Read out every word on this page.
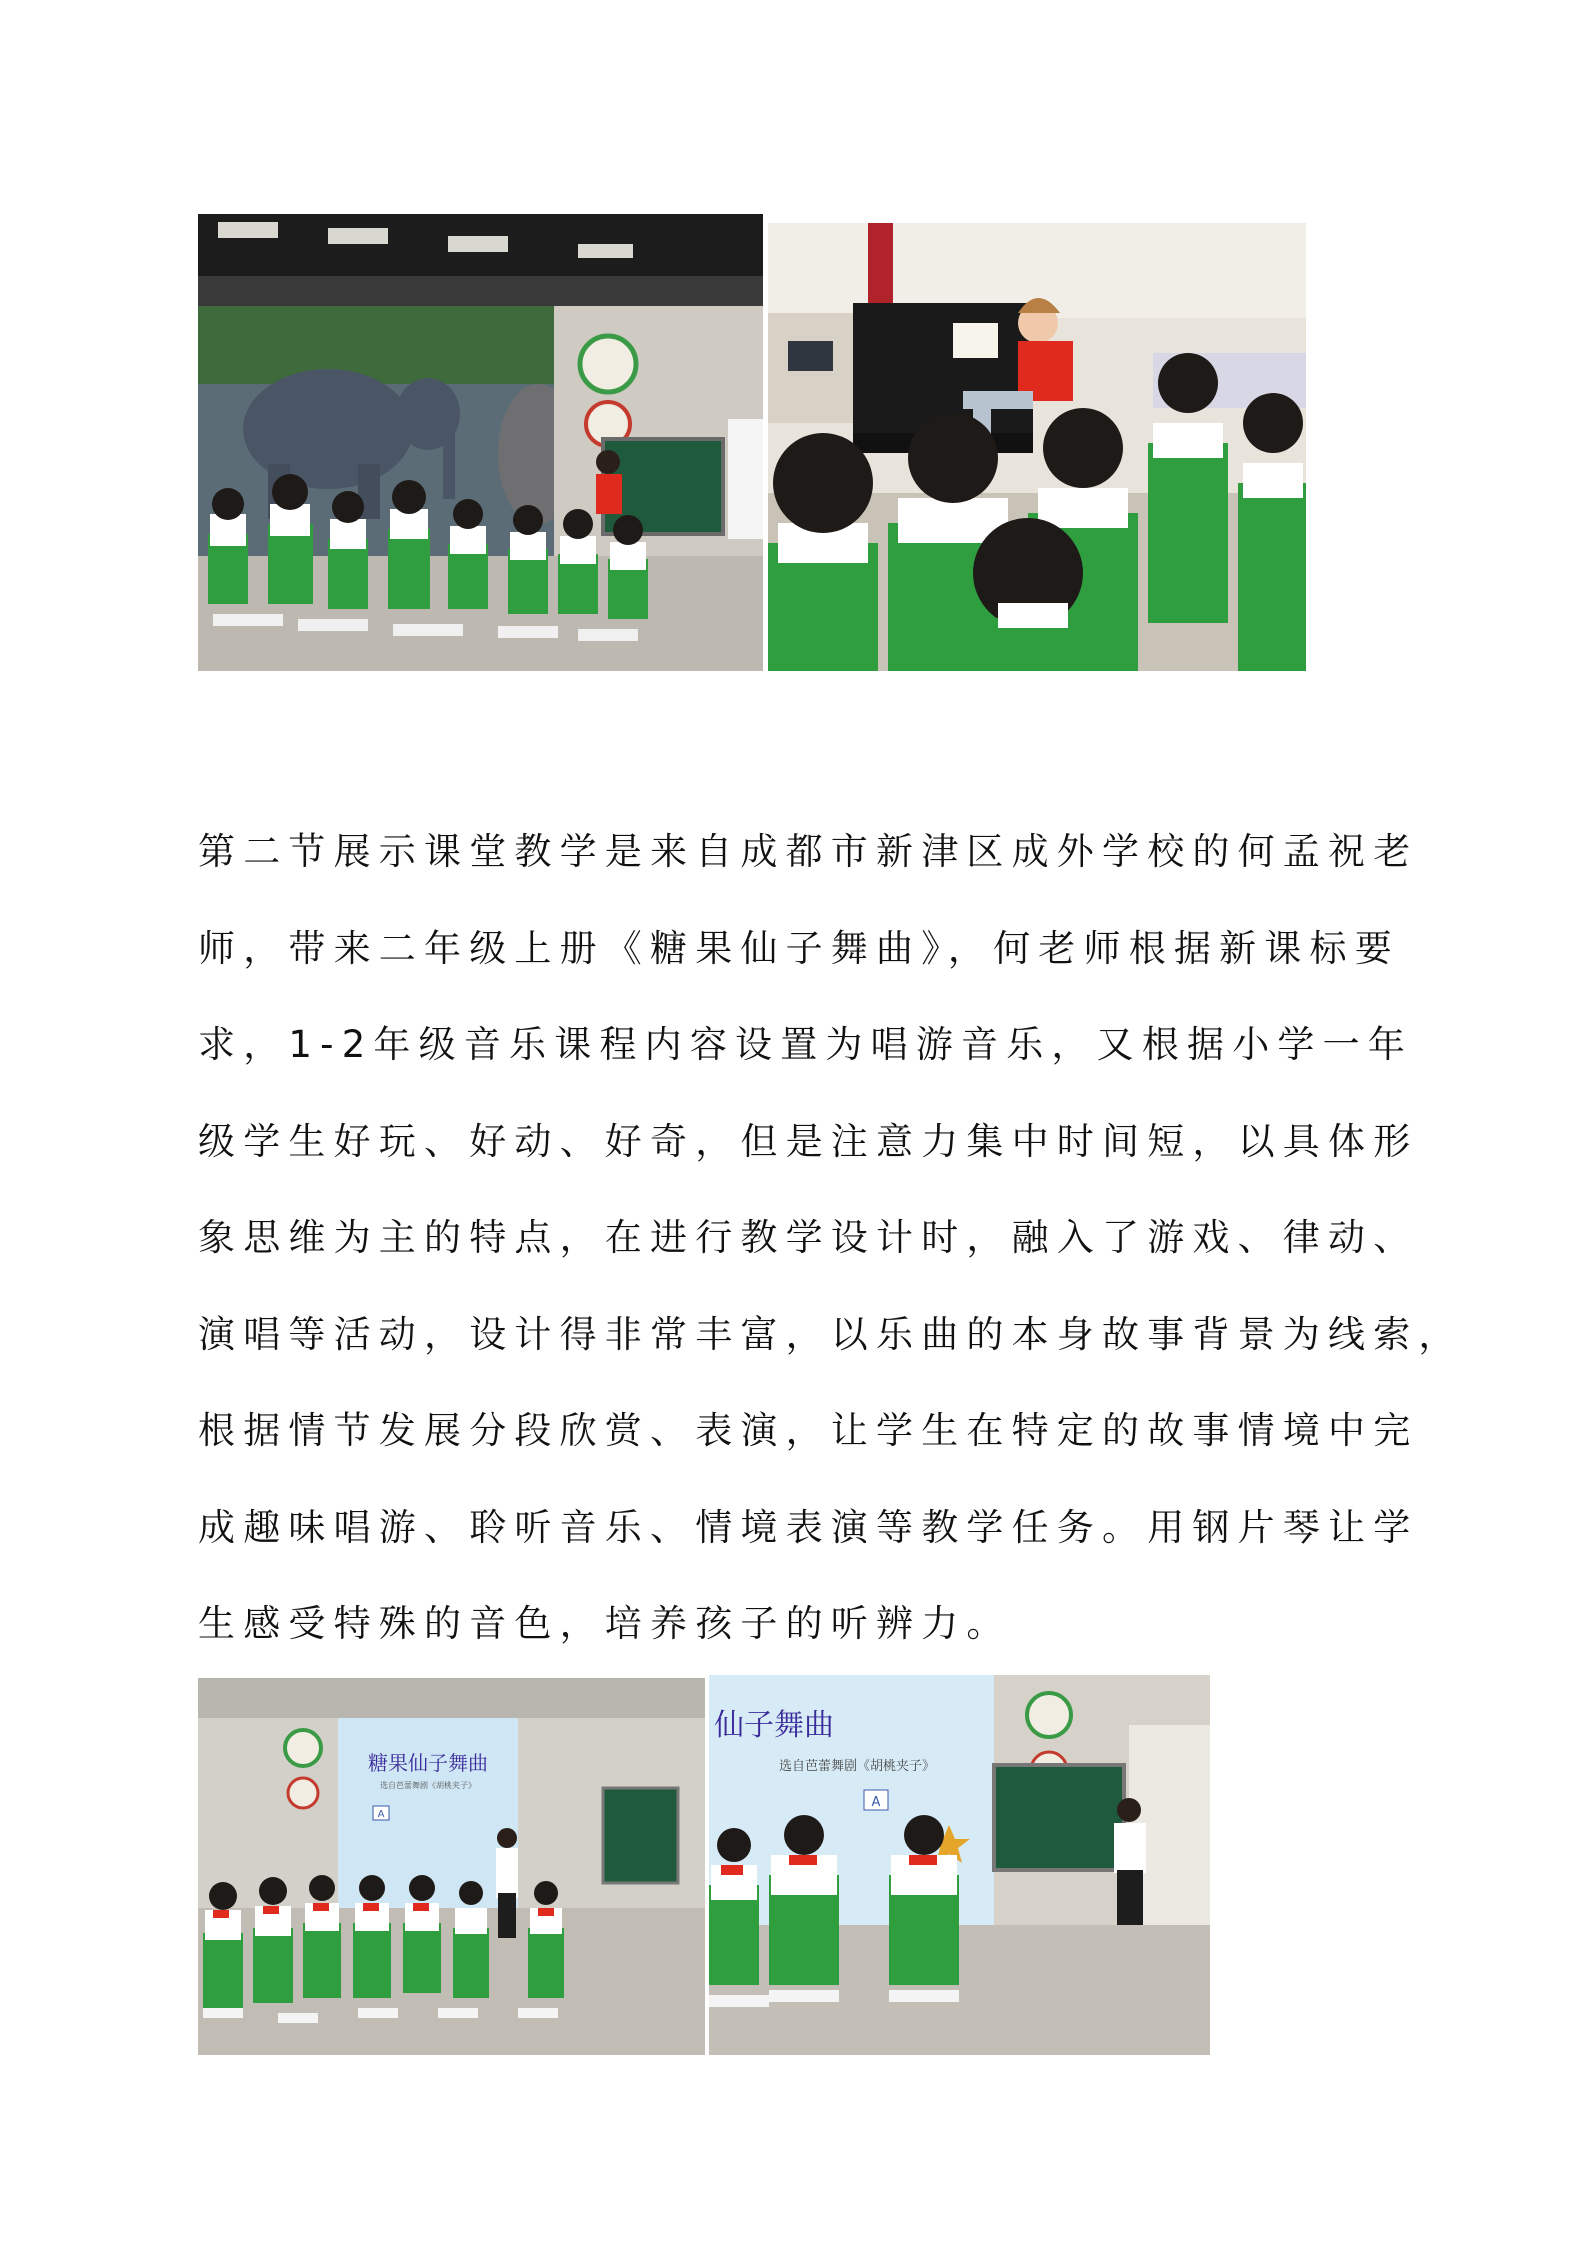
第二节展示课堂教学是来自成都市新津区成外学校的何孟祝老
师，带来二年级上册《糖果仙子舞曲》，何老师根据新课标要
求，1-2年级音乐课程内容设置为唱游音乐，又根据小学一年
级学生好玩、好动、好奇，但是注意力集中时间短，以具体形
象思维为主的特点，在进行教学设计时，融入了游戏、律动、
演唱等活动，设计得非常丰富，以乐曲的本身故事背景为线索，
根据情节发展分段欣赏、表演，让学生在特定的故事情境中完
成趣味唱游、聆听音乐、情境表演等教学任务。用钢片琴让学
生感受特殊的音色，培养孩子的听辨力。
糖果仙子舞曲
选自芭蕾舞剧《胡桃夹子》
A
仙子舞曲
选自芭蕾舞剧《胡桃夹子》
A
